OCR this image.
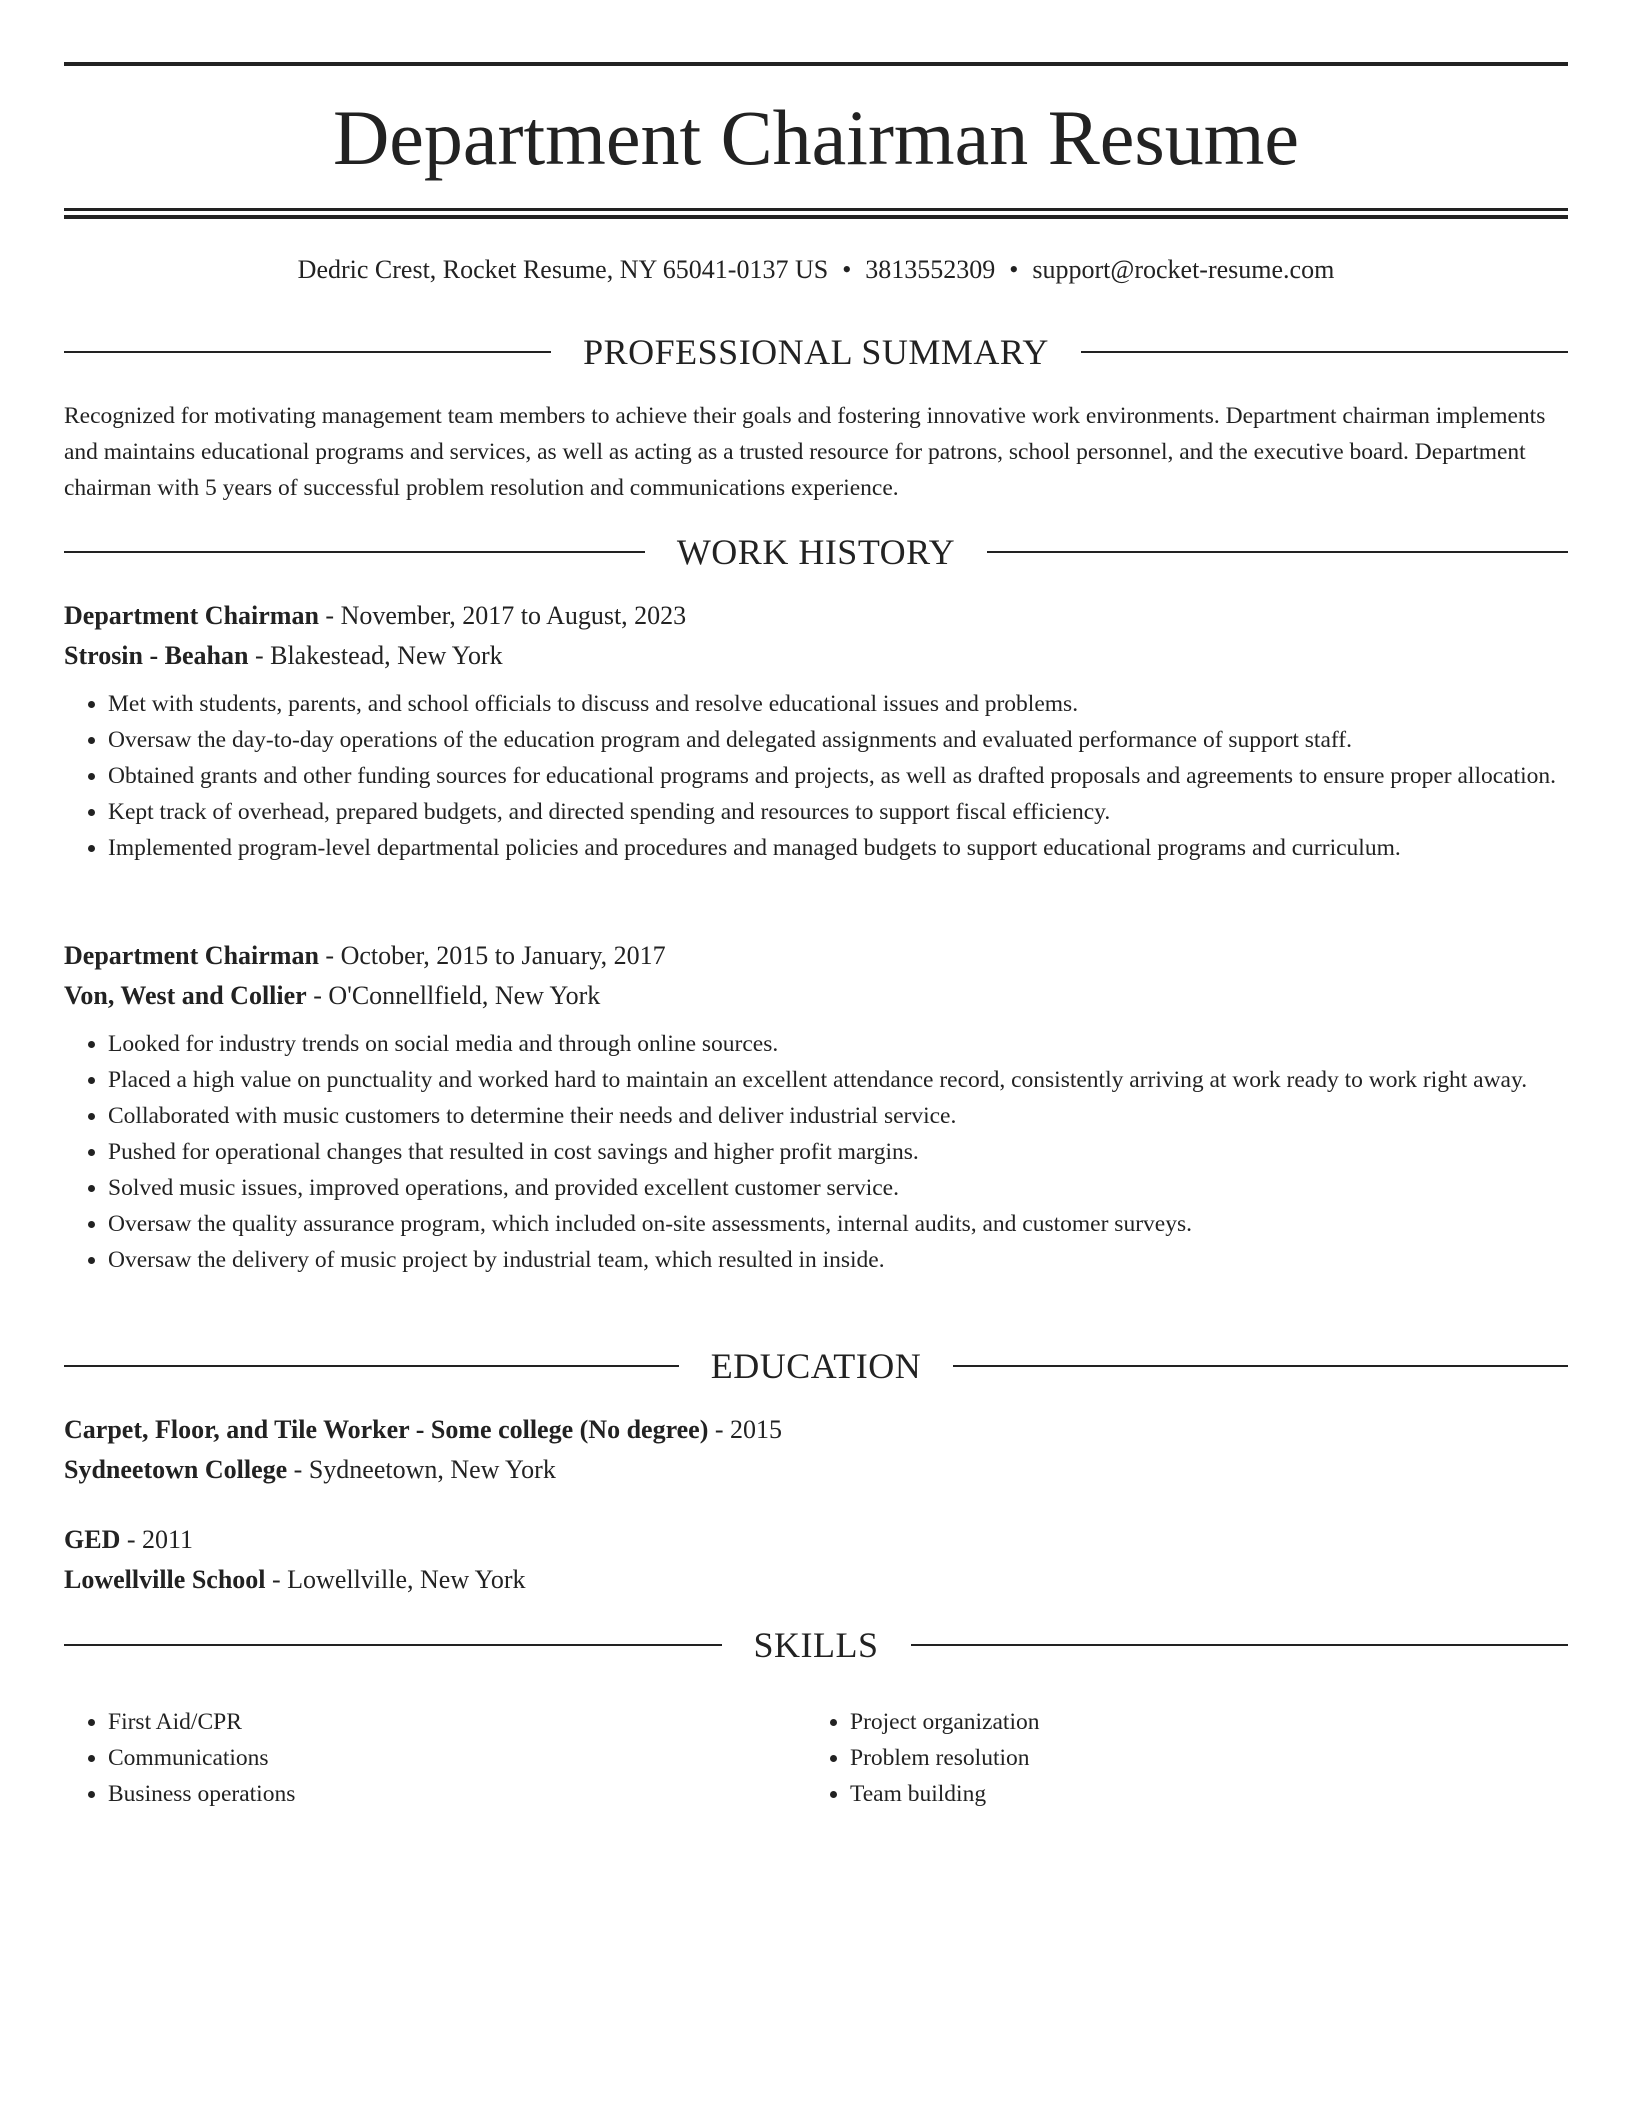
Department Chairman Resume
Dedric Crest, Rocket Resume, NY 65041-0137 US • 3813552309 • support@rocket-resume.com
PROFESSIONAL SUMMARY

Recognized for motivating management team members to achieve their goals and fostering innovative work environments. Department chairman implements and maintains educational programs and services, as well as acting as a trusted resource for patrons, school personnel, and the executive board. Department chairman with 5 years of successful problem resolution and communications experience.

WORK HISTORY
Department Chairman - November, 2017 to August, 2023
Strosin - Beahan - Blakestead, New York
• Met with students, parents, and school officials to discuss and resolve educational issues and problems.
• Oversaw the day-to-day operations of the education program and delegated assignments and evaluated performance of support staff.
• Obtained grants and other funding sources for educational programs and projects, as well as drafted proposals and agreements to ensure proper allocation.
• Kept track of overhead, prepared budgets, and directed spending and resources to support fiscal efficiency.
• Implemented program-level departmental policies and procedures and managed budgets to support educational programs and curriculum.
Department Chairman - October, 2015 to January, 2017
Von, West and Collier - O'Connellfield, New York
• Looked for industry trends on social media and through online sources.
• Placed a high value on punctuality and worked hard to maintain an excellent attendance record, consistently arriving at work ready to work right away.
• Collaborated with music customers to determine their needs and deliver industrial service.
• Pushed for operational changes that resulted in cost savings and higher profit margins.
• Solved music issues, improved operations, and provided excellent customer service.
• Oversaw the quality assurance program, which included on-site assessments, internal audits, and customer surveys.
• Oversaw the delivery of music project by industrial team, which resulted in inside.
EDUCATION
Carpet, Floor, and Tile Worker - Some college (No degree) - 2015
Sydneetown College - Sydneetown, New York
GED - 2011
Lowellville School - Lowellville, New York
SKILLS
• First Aid/CPR
• Communications
• Business operations
• Project organization
• Problem resolution
• Team building
